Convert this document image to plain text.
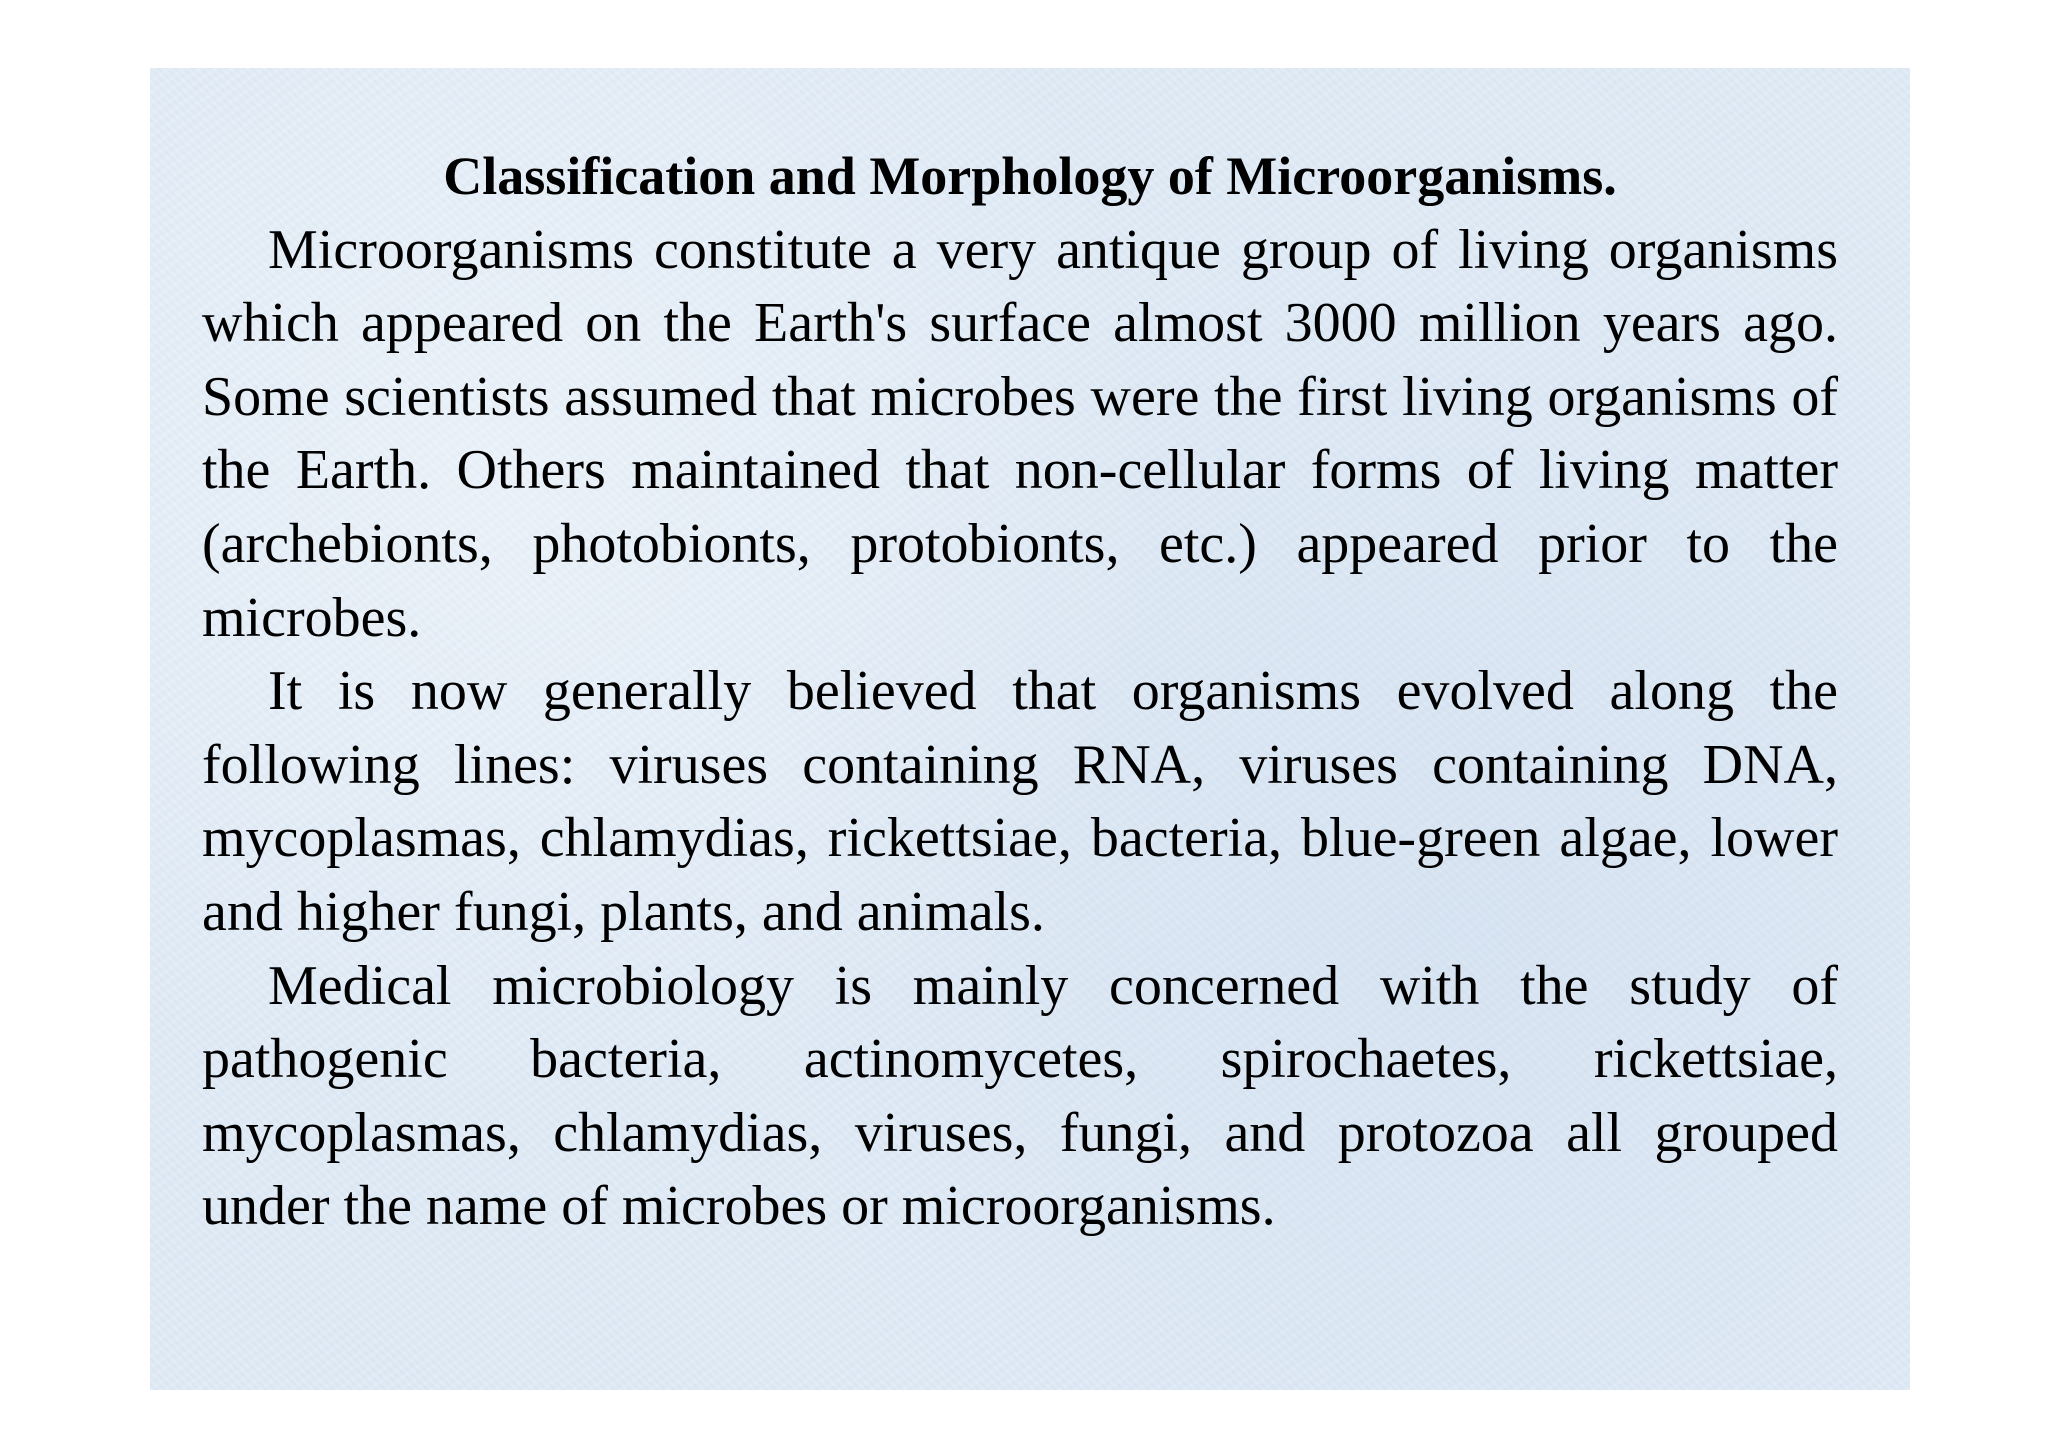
Classification and Morphology of Microorganisms.

Microorganisms constitute a very antique group of living organisms which appeared on the Earth's surface almost 3000 million years ago. Some scientists assumed that microbes were the first living organisms of the Earth. Others maintained that non-cellular forms of living matter (archebionts, photobionts, protobionts, etc.) appeared prior to the microbes.

It is now generally believed that organisms evolved along the following lines: viruses containing RNA, viruses containing DNA, mycoplasmas, chlamydias, rickettsiae, bacteria, blue-green algae, lower and higher fungi, plants, and animals.

Medical microbiology is mainly concerned with the study of pathogenic bacteria, actinomycetes, spirochaetes, rickettsiae, mycoplasmas, chlamydias, viruses, fungi, and protozoa all grouped under the name of microbes or microorganisms.
